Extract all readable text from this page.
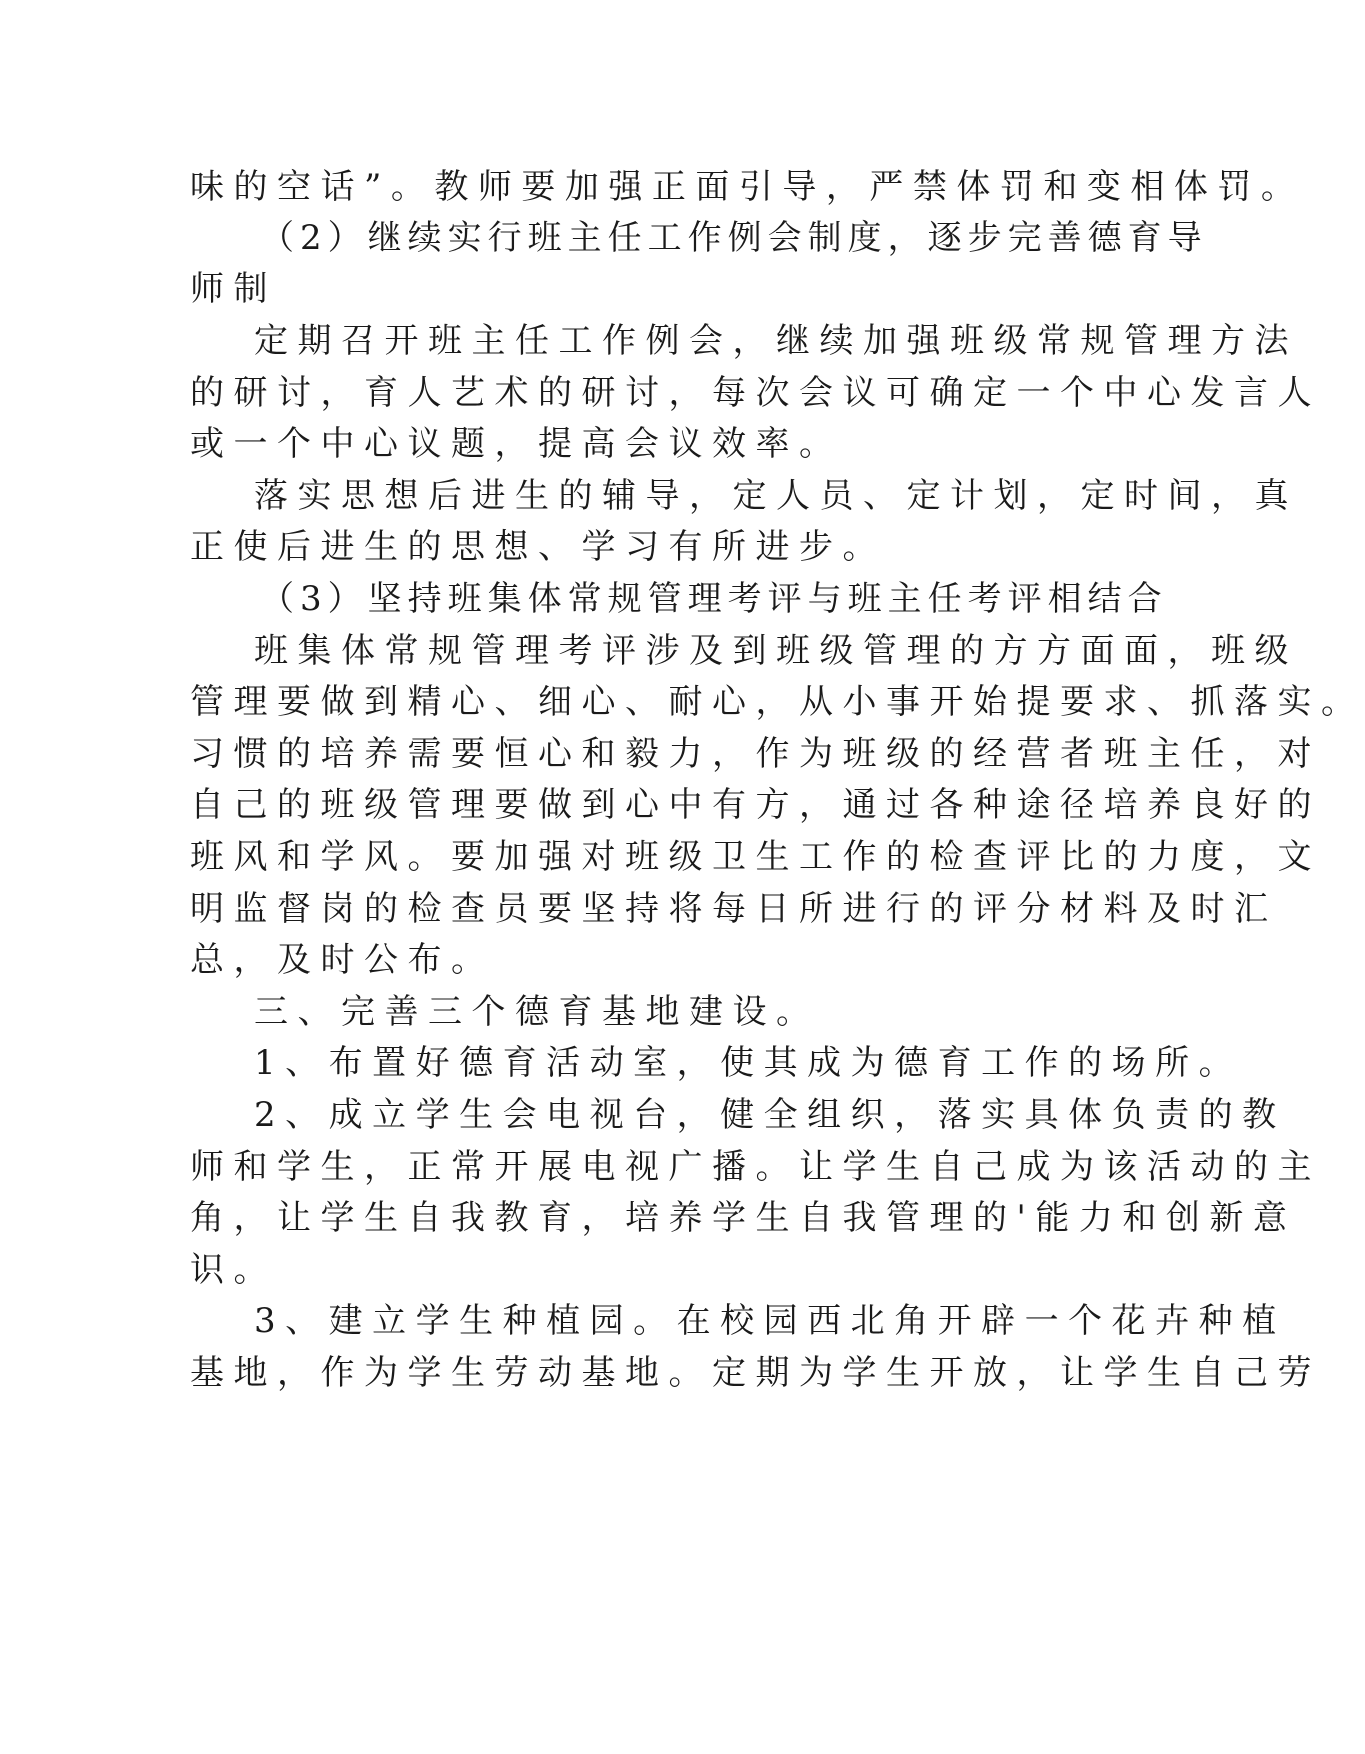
味的空话”。教师要加强正面引导，严禁体罚和变相体罚。

（2）继续实行班主任工作例会制度，逐步完善德育导

师制

定期召开班主任工作例会，继续加强班级常规管理方法

的研讨，育人艺术的研讨，每次会议可确定一个中心发言人

或一个中心议题，提高会议效率。

落实思想后进生的辅导，定人员、定计划，定时间，真

正使后进生的思想、学习有所进步。

（3）坚持班集体常规管理考评与班主任考评相结合

班集体常规管理考评涉及到班级管理的方方面面，班级

管理要做到精心、细心、耐心，从小事开始提要求、抓落实。

习惯的培养需要恒心和毅力，作为班级的经营者班主任，对

自己的班级管理要做到心中有方，通过各种途径培养良好的

班风和学风。要加强对班级卫生工作的检查评比的力度，文

明监督岗的检查员要坚持将每日所进行的评分材料及时汇

总，及时公布。

三、完善三个德育基地建设。

1、布置好德育活动室，使其成为德育工作的场所。

2、成立学生会电视台，健全组织，落实具体负责的教

师和学生，正常开展电视广播。让学生自己成为该活动的主

角，让学生自我教育，培养学生自我管理的'能力和创新意

识。

3、建立学生种植园。在校园西北角开辟一个花卉种植

基地，作为学生劳动基地。定期为学生开放，让学生自己劳
